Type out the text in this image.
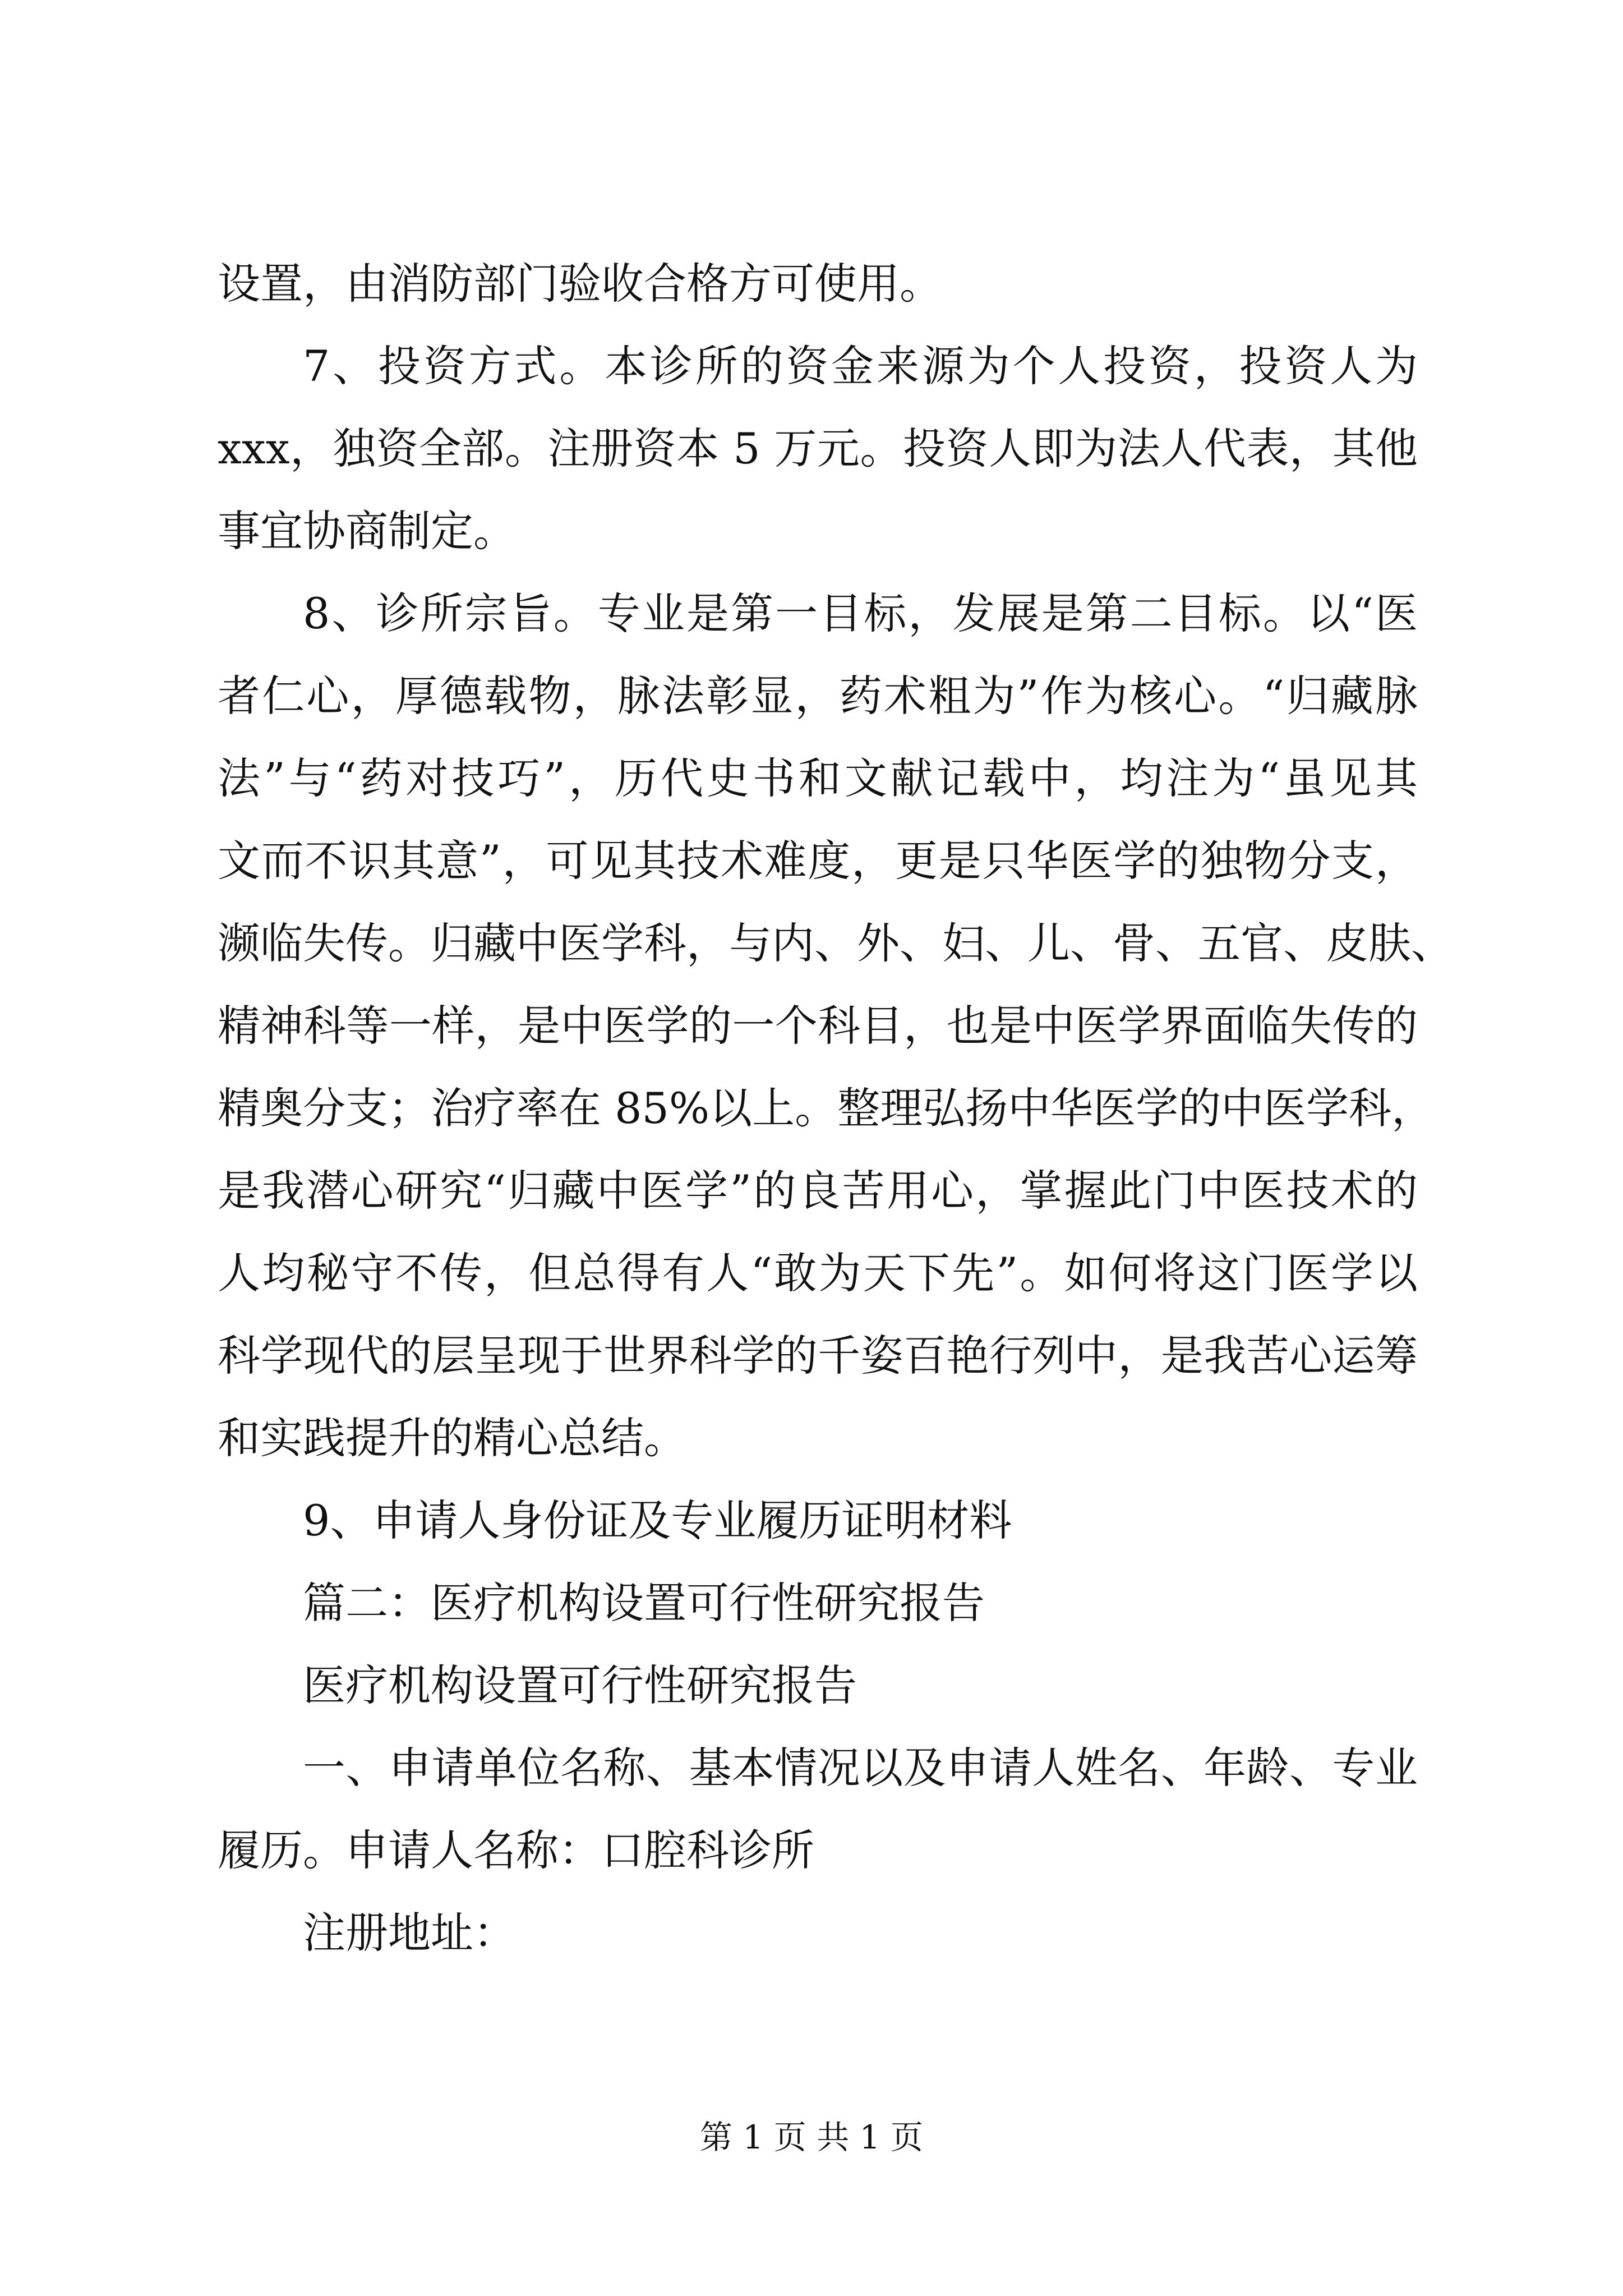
设置，由消防部门验收合格方可使用。
7、投资方式。本诊所的资金来源为个人投资，投资人为
xxx，独资全部。注册资本 5 万元。投资人即为法人代表，其他
事宜协商制定。
8、诊所宗旨。专业是第一目标，发展是第二目标。以“医
者仁心，厚德载物，脉法彰显，药术粗为”作为核心。“归藏脉
法”与“药对技巧”，历代史书和文献记载中，均注为“虽见其
文而不识其意”，可见其技术难度，更是只华医学的独物分支，
濒临失传。归藏中医学科，与内、外、妇、儿、骨、五官、皮肤、
精神科等一样，是中医学的一个科目，也是中医学界面临失传的
精奥分支；治疗率在 85%以上。整理弘扬中华医学的中医学科，
是我潜心研究“归藏中医学”的良苦用心，掌握此门中医技术的
人均秘守不传，但总得有人“敢为天下先”。如何将这门医学以
科学现代的层呈现于世界科学的千姿百艳行列中，是我苦心运筹
和实践提升的精心总结。
9、申请人身份证及专业履历证明材料
篇二：医疗机构设置可行性研究报告
医疗机构设置可行性研究报告
一、申请单位名称、基本情况以及申请人姓名、年龄、专业
履历。申请人名称：口腔科诊所
注册地址：
第 1 页 共 1 页
